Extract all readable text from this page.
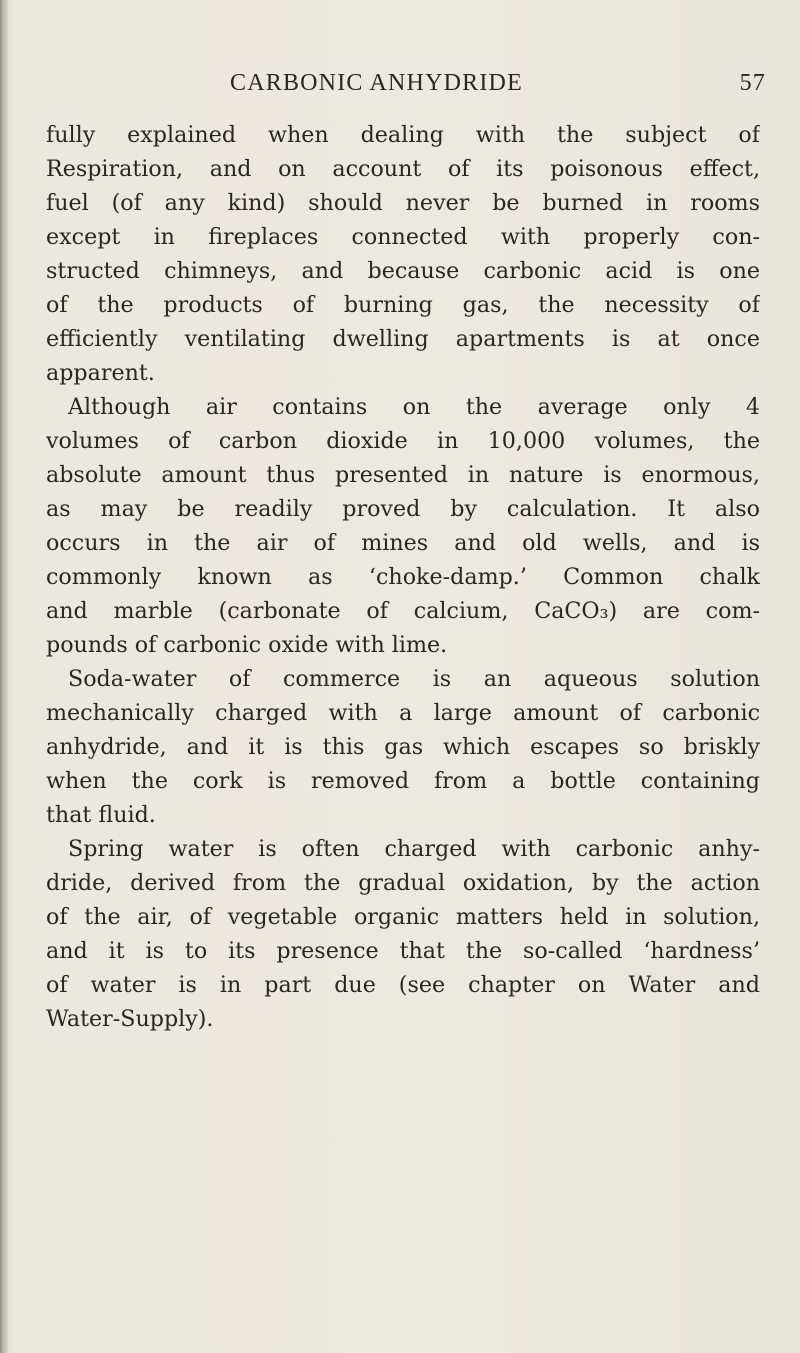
CARBONIC ANHYDRIDE	57
fully explained when dealing with the subject of
Respiration, and on account of its poisonous effect,
fuel (of any kind) should never be burned in rooms
except in fireplaces connected with properly con-
structed chimneys, and because carbonic acid is one
of the products of burning gas, the necessity of
efficiently ventilating dwelling apartments is at once
apparent.
Although air contains on the average only 4
volumes of carbon dioxide in 10,000 volumes, the
absolute amount thus presented in nature is enormous,
as may be readily proved by calculation. It also
occurs in the air of mines and old wells, and is
commonly known as ‘choke-damp.’ Common chalk
and marble (carbonate of calcium, CaCO₃) are com-
pounds of carbonic oxide with lime.
Soda-water of commerce is an aqueous solution
mechanically charged with a large amount of carbonic
anhydride, and it is this gas which escapes so briskly
when the cork is removed from a bottle containing
that fluid.
Spring water is often charged with carbonic anhy-
dride, derived from the gradual oxidation, by the action
of the air, of vegetable organic matters held in solution,
and it is to its presence that the so-called ‘hardness’
of water is in part due (see chapter on Water and
Water-Supply).
